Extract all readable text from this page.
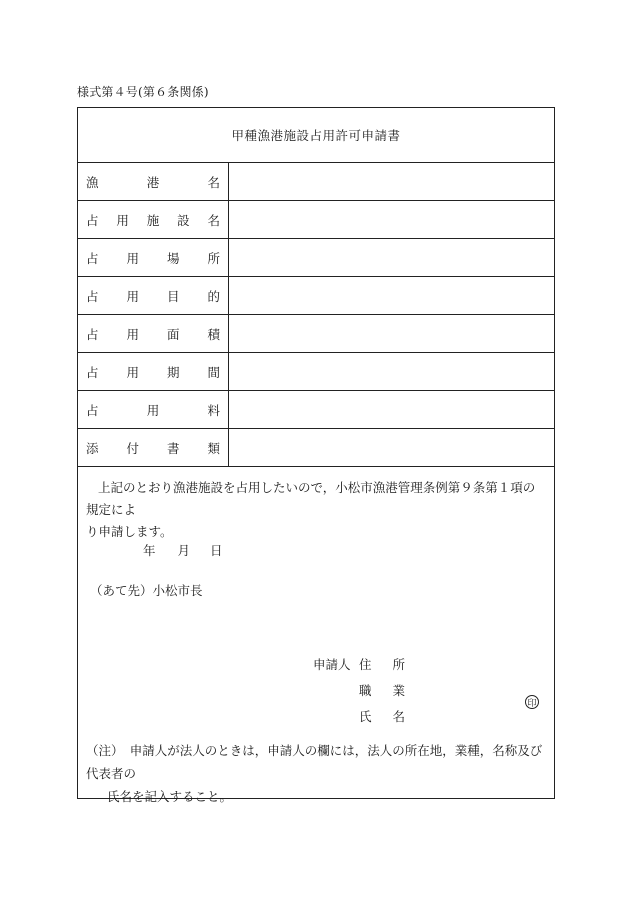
様式第４号(第６条関係)
甲種漁港施設占用許可申請書
漁	港	名
占 用 施 設 名
占 用 場 所
占 用 目 的
占 用 面 積
占 用 期 間
占	用	料
添 付 書 類

上記のとおり漁港施設を占用したいので，小松市漁港管理条例第９条第１項の規定によ

り申請します。

年 月 日
（あて先）小松市長
申請人 住 所
職 業
氏 名
印
（注）　申請人が法人のときは，申請人の欄には，法人の所在地，業種，名称及び代表者の
氏名を記入すること。
